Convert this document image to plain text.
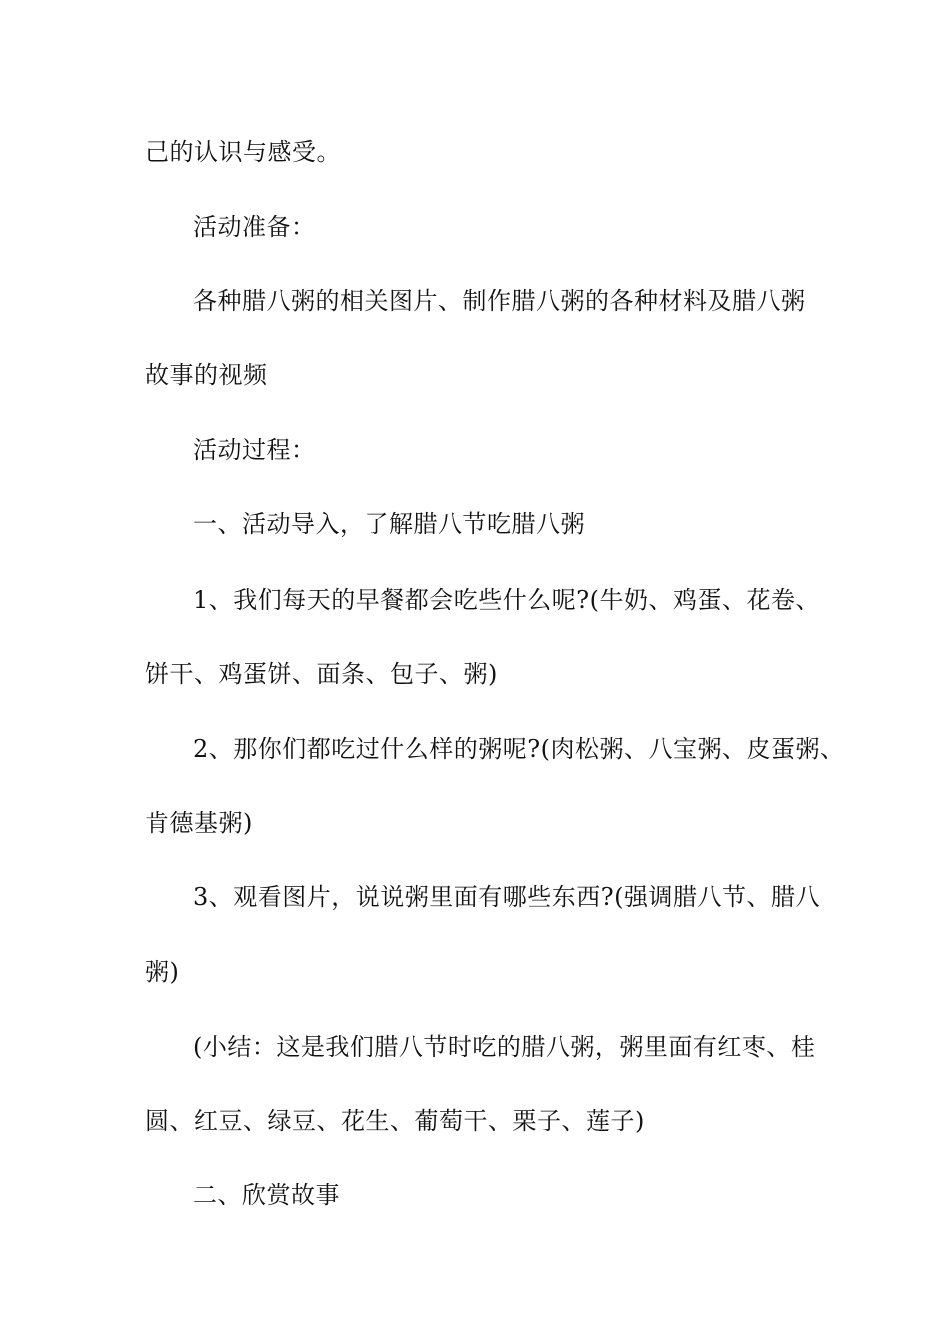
己的认识与感受。
活动准备：
各种腊八粥的相关图片、制作腊八粥的各种材料及腊八粥
故事的视频
活动过程：
一、活动导入，了解腊八节吃腊八粥
1、我们每天的早餐都会吃些什么呢?(牛奶、鸡蛋、花卷、
饼干、鸡蛋饼、面条、包子、粥)
2、那你们都吃过什么样的粥呢?(肉松粥、八宝粥、皮蛋粥、
肯德基粥)
3、观看图片，说说粥里面有哪些东西?(强调腊八节、腊八
粥)
(小结：这是我们腊八节时吃的腊八粥，粥里面有红枣、桂
圆、红豆、绿豆、花生、葡萄干、栗子、莲子)
二、欣赏故事
